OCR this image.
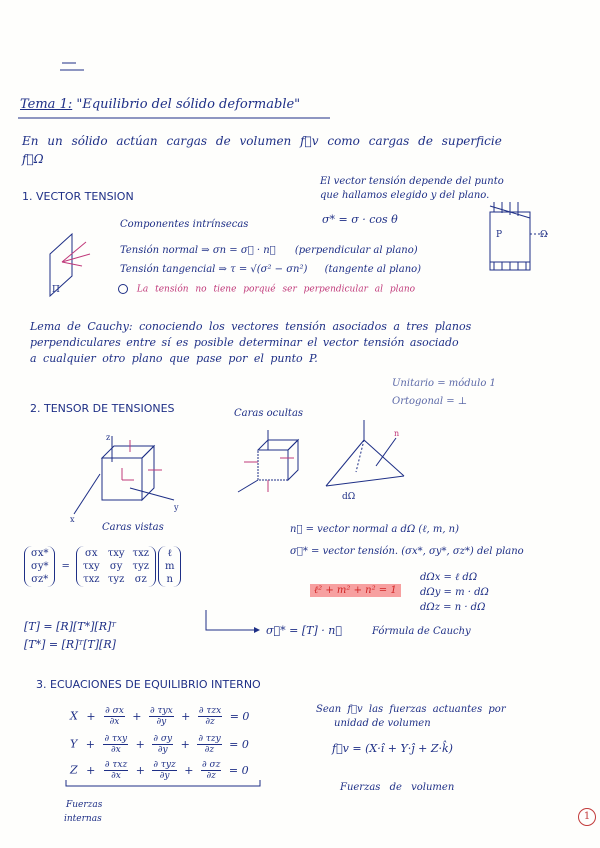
Tema 1: "Equilibrio del sólido deformable"
En un sólido actúan cargas de volumen f⃗v como cargas de superficie
f⃗Ω
1. VECTOR TENSION
El vector tensión depende del punto
que hallamos elegido y del plano.
σ* = σ · cos θ
P	Ω
Componentes intrínsecas
Π
Tensión normal ⇒ σn = σ⃗ · n⃗ (perpendicular al plano)
Tensión tangencial ⇒ τ = √(σ² − σn²) (tangente al plano)
La tensión no tiene porqué ser perpendicular al plano
Lema de Cauchy: conociendo los vectores tensión asociados a tres planos
perpendiculares entre sí es posible determinar el vector tensión asociado
a cualquier otro plano que pase por el punto P.
2. TENSOR DE TENSIONES
Unitario = módulo 1
Ortogonal = ⊥
Caras ocultas
z
x
y
Caras vistas
n
dΩ
n⃗ = vector normal a dΩ (ℓ, m, n)
σ⃗* = vector tensión. (σx*, σy*, σz*) del plano
ℓ² + m² + n² = 1
dΩx = ℓ dΩ
dΩy = m · dΩ
dΩz = n · dΩ
σx*
σy*
σz*
=
σx	τxy	τxz
τxy	σy	τyz
τxz	τyz	σz
ℓ
m
n
[T] = [R][T*][R]ᵀ
[T*] = [R]ᵀ[T][R]
σ⃗* = [T] · n⃗	Fórmula de Cauchy
3. ECUACIONES DE EQUILIBRIO INTERNO
$X + \frac{\partial \sigma x}{\partial x} + \frac{\text{∂ τyx}}{\partial y} + \frac{\text{∂ τzx}}{\partial z} = 0$
$Y + \frac{\text{∂ τxy}}{\partial x} + \frac{\partial \sigma y}{\partial y} + \frac{\text{∂ τzy}}{\partial z} = 0$
$Z + \frac{\text{∂ τxz}}{\partial x} + \frac{\text{∂ τyz}}{\partial y} + \frac{\partial \sigma z}{\partial z} = 0$
Fuerzas
internas
Sean f⃗v las fuerzas actuantes por
unidad de volumen
f⃗v = (X·î + Y·ĵ + Z·k̂)
Fuerzas de volumen
1
